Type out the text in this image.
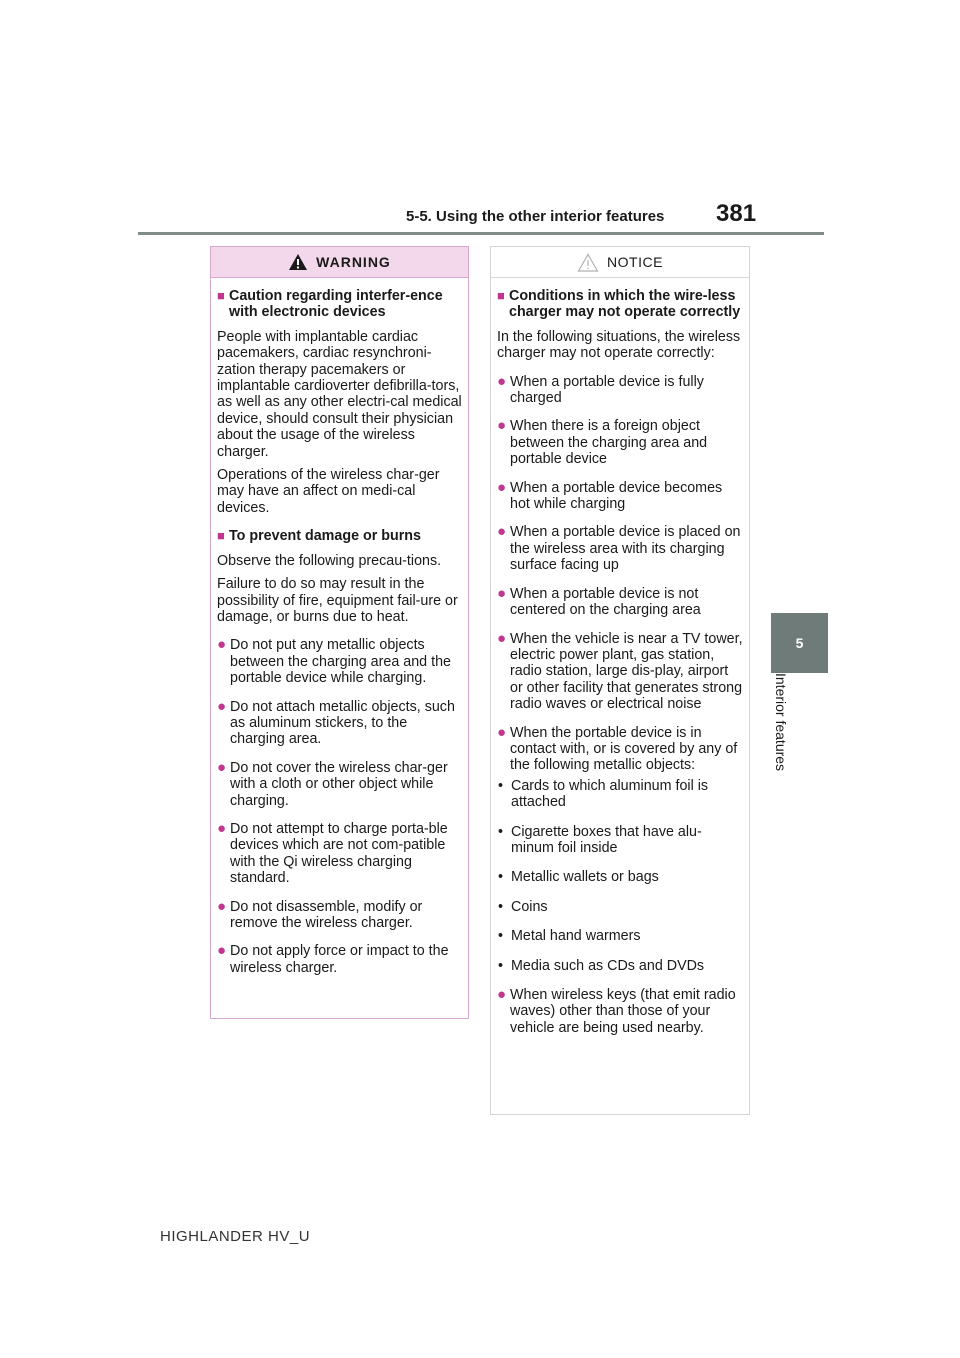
5-5. Using the other interior features 381
5
Interior features
WARNING
■ Caution regarding interfer-ence with electronic devices
People with implantable cardiac pacemakers, cardiac resynchroni-zation therapy pacemakers or implantable cardioverter defibrilla-tors, as well as any other electri-cal medical device, should consult their physician about the usage of the wireless charger.
Operations of the wireless char-ger may have an affect on medi-cal devices.
■ To prevent damage or burns
Observe the following precau-tions.
Failure to do so may result in the possibility of fire, equipment fail-ure or damage, or burns due to heat.
● Do not put any metallic objects between the charging area and the portable device while charging.
● Do not attach metallic objects, such as aluminum stickers, to the charging area.
● Do not cover the wireless char-ger with a cloth or other object while charging.
● Do not attempt to charge porta-ble devices which are not com-patible with the Qi wireless charging standard.
● Do not disassemble, modify or remove the wireless charger.
● Do not apply force or impact to the wireless charger.
NOTICE
■ Conditions in which the wire-less charger may not operate correctly
In the following situations, the wireless charger may not operate correctly:
● When a portable device is fully charged
● When there is a foreign object between the charging area and portable device
● When a portable device becomes hot while charging
● When a portable device is placed on the wireless area with its charging surface facing up
● When a portable device is not centered on the charging area
● When the vehicle is near a TV tower, electric power plant, gas station, radio station, large dis-play, airport or other facility that generates strong radio waves or electrical noise
● When the portable device is in contact with, or is covered by any of the following metallic objects:
• Cards to which aluminum foil is attached
• Cigarette boxes that have alu-minum foil inside
• Metallic wallets or bags
• Coins
• Metal hand warmers
• Media such as CDs and DVDs
● When wireless keys (that emit radio waves) other than those of your vehicle are being used nearby.
HIGHLANDER HV_U
